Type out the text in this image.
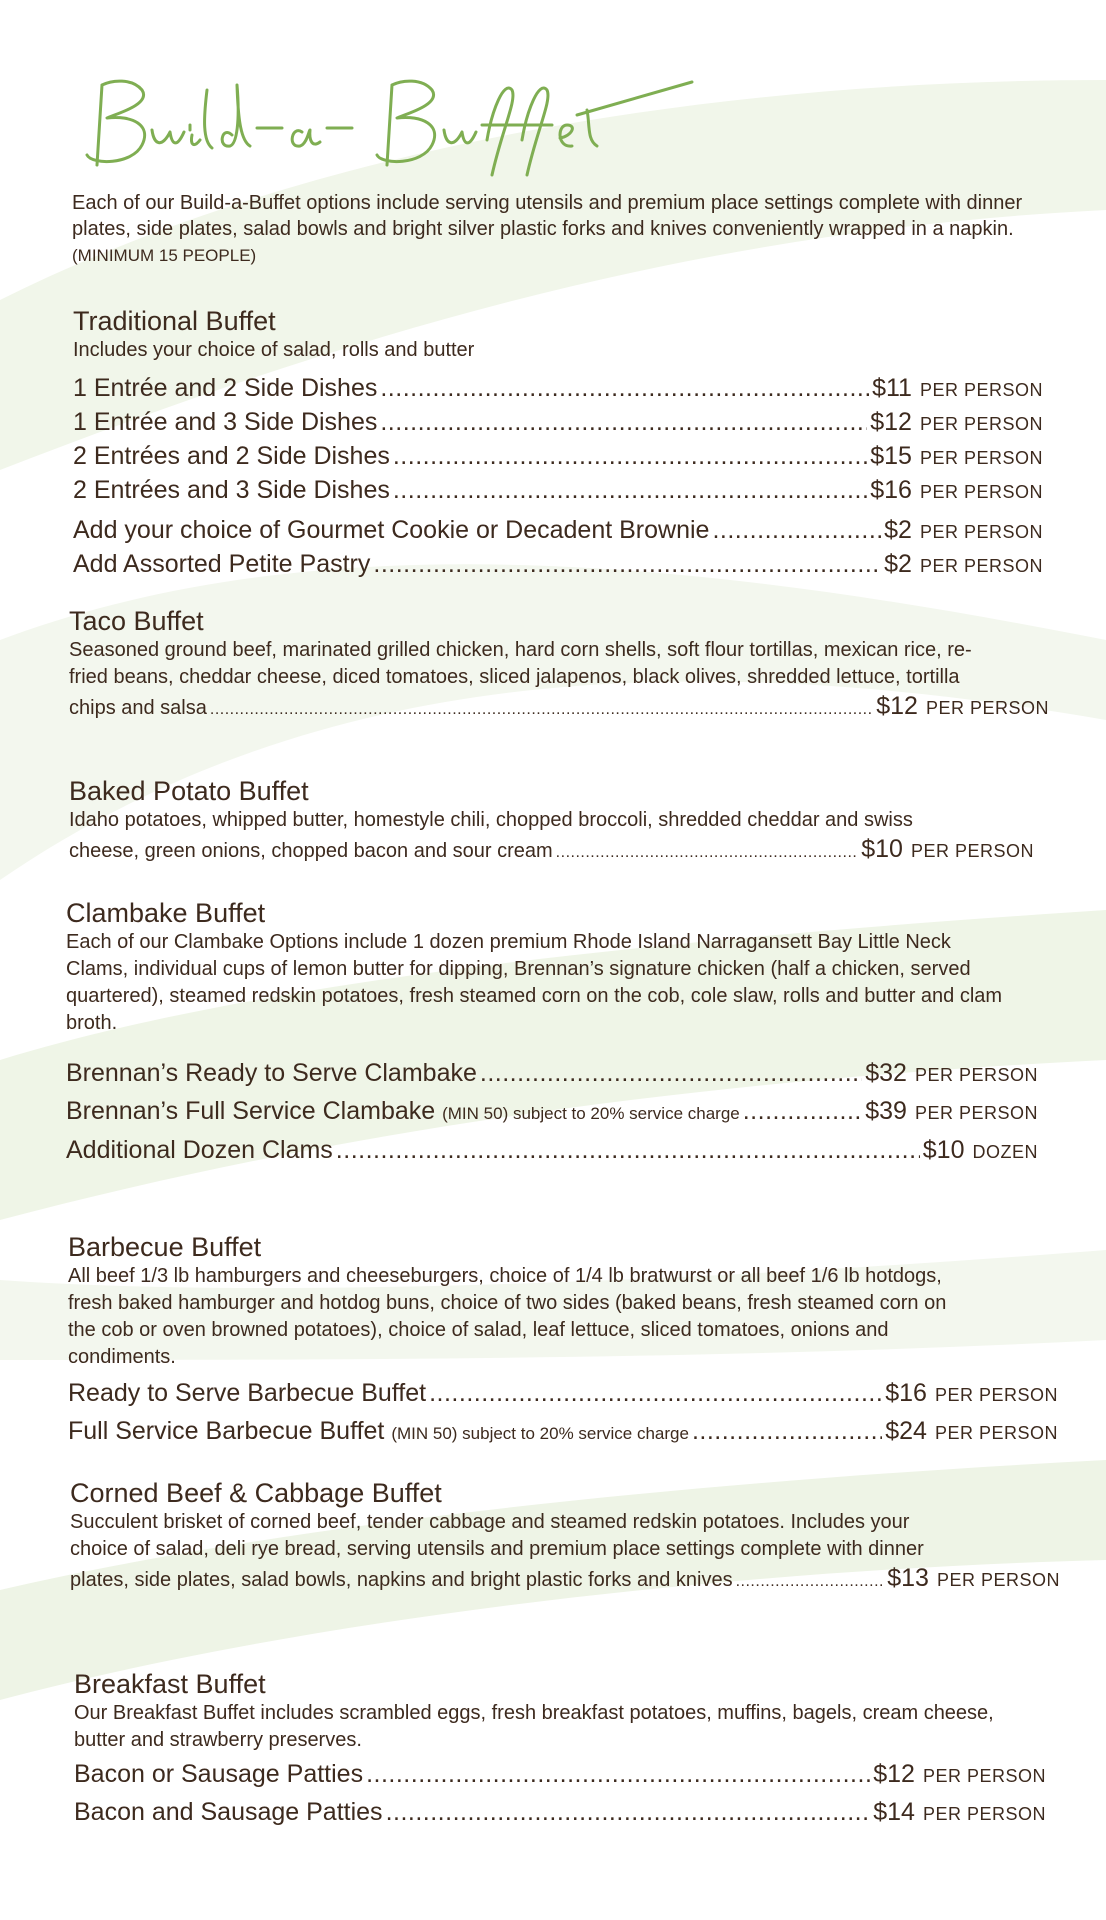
Each of our Build-a-Buffet options include serving utensils and premium place settings complete with dinner plates, side plates, salad bowls and bright silver plastic forks and knives conveniently wrapped in a napkin. (MINIMUM 15 PEOPLE)

Traditional Buffet

Includes your choice of salad, rolls and butter

1 Entrée and 2 Side Dishes .....	$11 PER PERSON
1 Entrée and 3 Side Dishes .....	$12 PER PERSON
2 Entrées and 2 Side Dishes .....	$15 PER PERSON
2 Entrées and 3 Side Dishes .....	$16 PER PERSON
Add your choice of Gourmet Cookie or Decadent Brownie .....	$2 PER PERSON
Add Assorted Petite Pastry .....	$2 PER PERSON
Taco Buffet

Seasoned ground beef, marinated grilled chicken, hard corn shells, soft flour tortillas, mexican rice, re-
fried beans, cheddar cheese, diced tomatoes, sliced jalapenos, black olives, shredded lettuce, tortilla

chips and salsa .....	$12 PER PERSON
Baked Potato Buffet

Idaho potatoes, whipped butter, homestyle chili, chopped broccoli, shredded cheddar and swiss

cheese, green onions, chopped bacon and sour cream .....	$10 PER PERSON
Clambake Buffet

Each of our Clambake Options include 1 dozen premium Rhode Island Narragansett Bay Little Neck Clams, individual cups of lemon butter for dipping, Brennan’s signature chicken (half a chicken, served quartered), steamed redskin potatoes, fresh steamed corn on the cob, cole slaw, rolls and butter and clam broth.

Brennan’s Ready to Serve Clambake .....	$32 PER PERSON
Brennan’s Full Service Clambake
(MIN 50) subject to 20% service charge .....	$39 PER PERSON
Additional Dozen Clams .....	$10 DOZEN
Barbecue Buffet

All beef 1/3 lb hamburgers and cheeseburgers, choice of 1/4 lb bratwurst or all beef 1/6 lb hotdogs, fresh baked hamburger and hotdog buns, choice of two sides (baked beans, fresh steamed corn on the cob or oven browned potatoes), choice of salad, leaf lettuce, sliced tomatoes, onions and condiments.

Ready to Serve Barbecue Buffet .....	$16 PER PERSON
Full Service Barbecue Buffet
(MIN 50) subject to 20% service charge .....	$24 PER PERSON
Corned Beef & Cabbage Buffet

Succulent brisket of corned beef, tender cabbage and steamed redskin potatoes. Includes your
choice of salad, deli rye bread, serving utensils and premium place settings complete with dinner

plates, side plates, salad bowls, napkins and bright plastic forks and knives .....	$13 PER PERSON
Breakfast Buffet

Our Breakfast Buffet includes scrambled eggs, fresh breakfast potatoes, muffins, bagels, cream cheese, butter and strawberry preserves.

Bacon or Sausage Patties .....	$12 PER PERSON
Bacon and Sausage Patties .....	$14 PER PERSON
